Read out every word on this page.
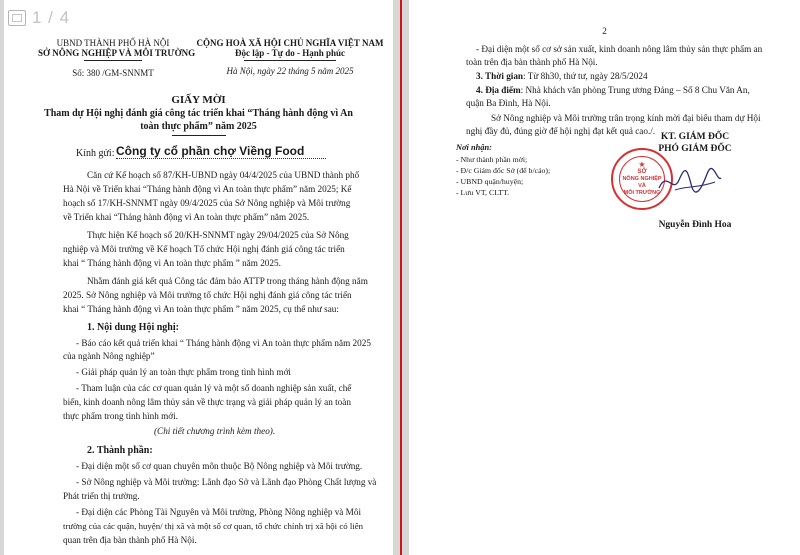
1 / 4
UBND THÀNH PHỐ HÀ NỘI
SỞ NÔNG NGHIỆP VÀ MÔI TRƯỜNG
Số: 380 /GM-SNNMT
CỘNG HOÀ XÃ HỘI CHỦ NGHĨA VIỆT NAM
Độc lập - Tự do - Hạnh phúc
Hà Nội, ngày 22 tháng 5 năm 2025
GIẤY MỜI
Tham dự Hội nghị đánh giá công tác triển khai “Tháng hành động vì An
toàn thực phẩm” năm 2025
Kính gửi: Công ty cổ phần chợ Viềng Food
Căn cứ Kế hoạch số 87/KH-UBND ngày 04/4/2025 của UBND thành phố
Hà Nội về Triển khai “Tháng hành động vì An toàn thực phẩm” năm 2025; Kế
hoạch số 17/KH-SNNMT ngày 09/4/2025 của Sở Nông nghiệp và Môi trường
về Triển khai “Tháng hành động vì An toàn thực phẩm” năm 2025.
Thực hiện Kế hoạch số 20/KH-SNNMT ngày 29/04/2025 của Sở Nông
nghiệp và Môi trường về Kế hoạch Tổ chức Hội nghị đánh giá công tác triển
khai “ Tháng hành động vì An toàn thực phẩm ” năm 2025.
Nhằm đánh giá kết quả Công tác đảm bảo ATTP trong tháng hành động năm
2025. Sở Nông nghiệp và Môi trường tổ chức Hội nghị đánh giá công tác triển
khai “ Tháng hành động vì An toàn thực phẩm ” năm 2025, cụ thể như sau:
1. Nội dung Hội nghị:
- Báo cáo kết quả triển khai “ Tháng hành động vì An toàn thực phẩm năm 2025
của ngành Nông nghiệp”
- Giải pháp quản lý an toàn thực phẩm trong tình hình mới
- Tham luận của các cơ quan quản lý và một số doanh nghiệp sản xuất, chế
biến, kinh doanh nông lâm thủy sản về thực trạng và giải pháp quản lý an toàn
thực phẩm trong tình hình mới.
(Chi tiết chương trình kèm theo).
2. Thành phần:
- Đại diện một số cơ quan chuyên môn thuộc Bộ Nông nghiệp và Môi trường.
- Sở Nông nghiệp và Môi trường: Lãnh đạo Sở và Lãnh đạo Phòng Chất lượng và
Phát triển thị trường.
- Đại diện các Phòng Tài Nguyên và Môi trường, Phòng Nông nghiệp và Môi
trường của các quận, huyện/ thị xã và một số cơ quan, tổ chức chính trị xã hội có liên
quan trên địa bàn thành phố Hà Nội.
2
- Đại diện một số cơ sở sản xuất, kinh doanh nông lâm thủy sản thực phẩm an
toàn trên địa bàn thành phố Hà Nội.
3. Thời gian: Từ 8h30, thứ tư, ngày 28/5/2024
4. Địa điểm: Nhà khách văn phòng Trung ương Đảng – Số 8 Chu Văn An,
quận Ba Đình, Hà Nội.
Sở Nông nghiệp và Môi trường trân trọng kính mời đại biểu tham dự Hội
nghị đầy đủ, đúng giờ để hội nghị đạt kết quả cao./.
Nơi nhận:
- Như thành phần mời;
- Đ/c Giám đốc Sở (để b/cáo);
- UBND quận/huyện;
- Lưu VT, CLTT.
KT. GIÁM ĐỐC
PHÓ GIÁM ĐỐC
★
SỞ
NÔNG NGHIỆP
VÀ
MÔI TRƯỜNG
Nguyễn Đình Hoa
